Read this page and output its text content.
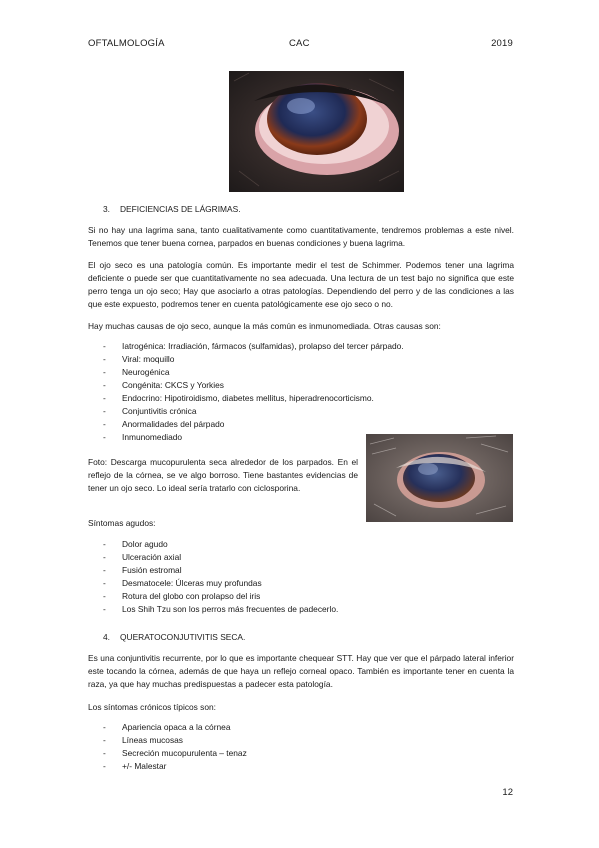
OFTALMOLOGÍA	CAC	2019
3. DEFICIENCIAS DE LÁGRIMAS.
Si no hay una lagrima sana, tanto cualitativamente como cuantitativamente, tendremos problemas a este nivel. Tenemos que tener buena cornea, parpados en buenas condiciones y buena lagrima.
El ojo seco es una patología común. Es importante medir el test de Schimmer. Podemos tener una lagrima deficiente o puede ser que cuantitativamente no sea adecuada. Una lectura de un test bajo no significa que este perro tenga un ojo seco; Hay que asociarlo a otras patologías. Dependiendo del perro y de las condiciones a las que este expuesto, podremos tener en cuenta patológicamente ese ojo seco o no.
Hay muchas causas de ojo seco, aunque la más común es inmunomediada. Otras causas son:
- Iatrogénica: Irradiación, fármacos (sulfamidas), prolapso del tercer párpado.
- Viral: moquillo
- Neurogénica
- Congénita: CKCS y Yorkies
- Endocrino: Hipotiroidismo, diabetes mellitus, hiperadrenocorticismo.
- Conjuntivitis crónica
- Anormalidades del párpado
- Inmunomediado
Foto: Descarga mucopurulenta seca alrededor de los parpados. En el reflejo de la córnea, se ve algo borroso. Tiene bastantes evidencias de tener un ojo seco. Lo ideal sería tratarlo con ciclosporina.
Síntomas agudos:
- Dolor agudo
- Ulceración axial
- Fusión estromal
- Desmatocele: Úlceras muy profundas
- Rotura del globo con prolapso del iris
- Los Shih Tzu son los perros más frecuentes de padecerlo.
4. QUERATOCONJUTIVITIS SECA.
Es una conjuntivitis recurrente, por lo que es importante chequear STT. Hay que ver que el párpado lateral inferior este tocando la córnea, además de que haya un reflejo corneal opaco. También es importante tener en cuenta la raza, ya que hay muchas predispuestas a padecer esta patología.
Los síntomas crónicos típicos son:
- Apariencia opaca a la córnea
- Líneas mucosas
- Secreción mucopurulenta – tenaz
- +/- Malestar
12
